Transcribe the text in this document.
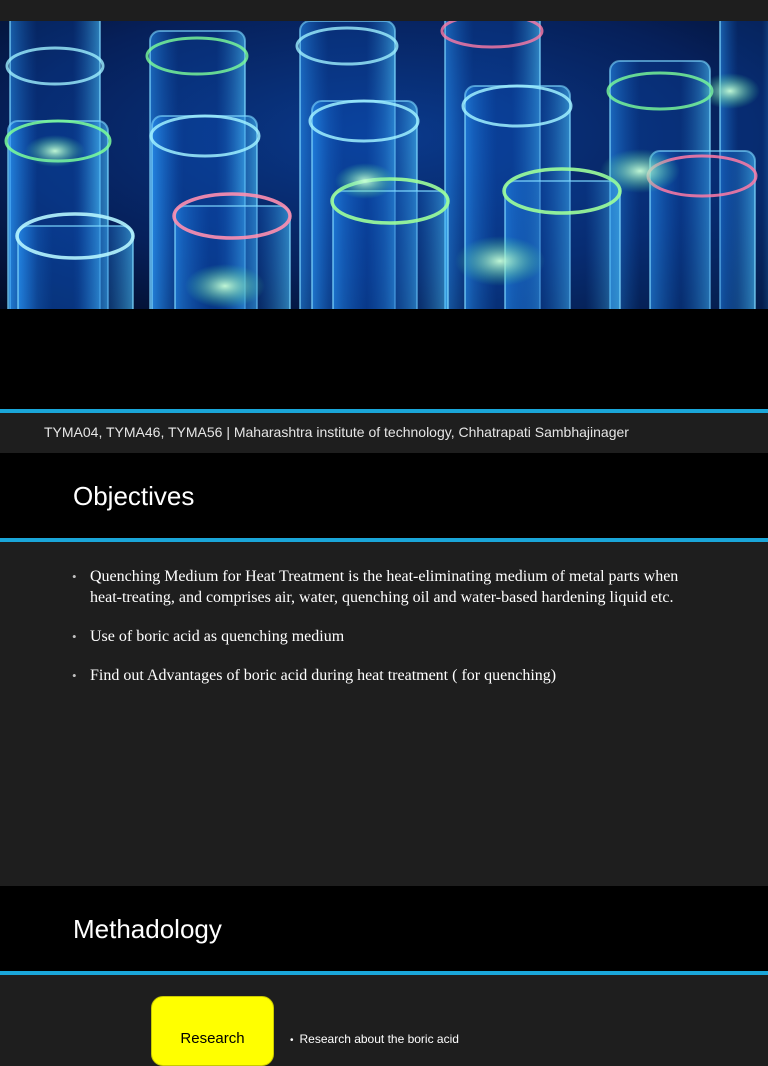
TYMA04, TYMA46, TYMA56 | Maharashtra institute of technology, Chhatrapati Sambhajinager
Objectives
• Quenching Medium for Heat Treatment is the heat-eliminating medium of metal parts when heat-treating, and comprises air, water, quenching oil and water-based hardening liquid etc.
• Use of boric acid as quenching medium
• Find out Advantages of boric acid during heat treatment ( for quenching)
Methadology
Research	• Research about the boric acid
